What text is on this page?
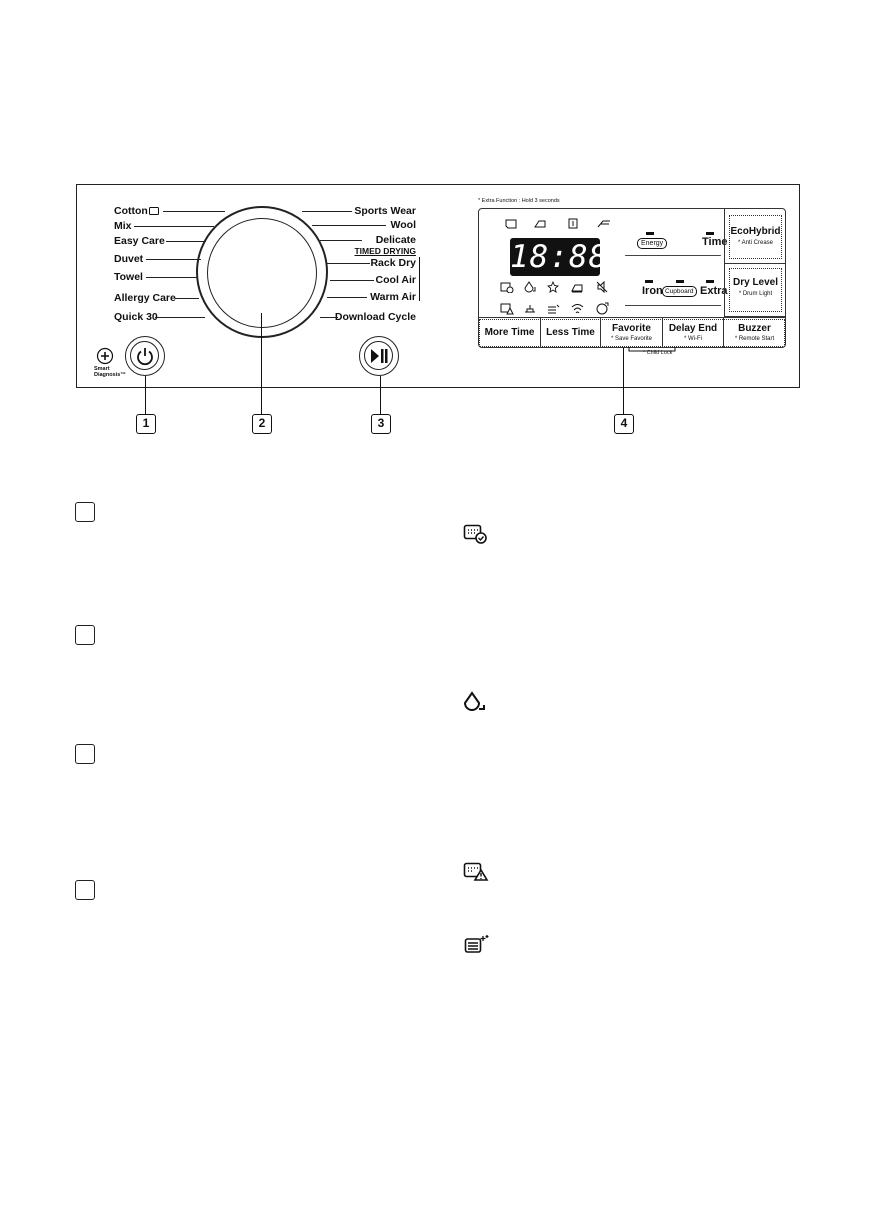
Cotton
Mix
Easy Care
Duvet
Towel
Allergy Care
Quick 30
Sports Wear
Wool
Delicate
TIMED DRYING
Rack Dry
Cool Air
Warm Air
Download Cycle
Smart Diagnosis™
* Extra Function : Hold 3 seconds
18:88	Energy	Time
Iron Cupboard Extra
EcoHybrid
* Anti Crease
Dry Level
* Drum Light
More Time	Less Time	Favorite
* Save Favorite
Delay End
* Wi-Fi
Buzzer
* Remote Start
* Child Lock
1	2	3	4
